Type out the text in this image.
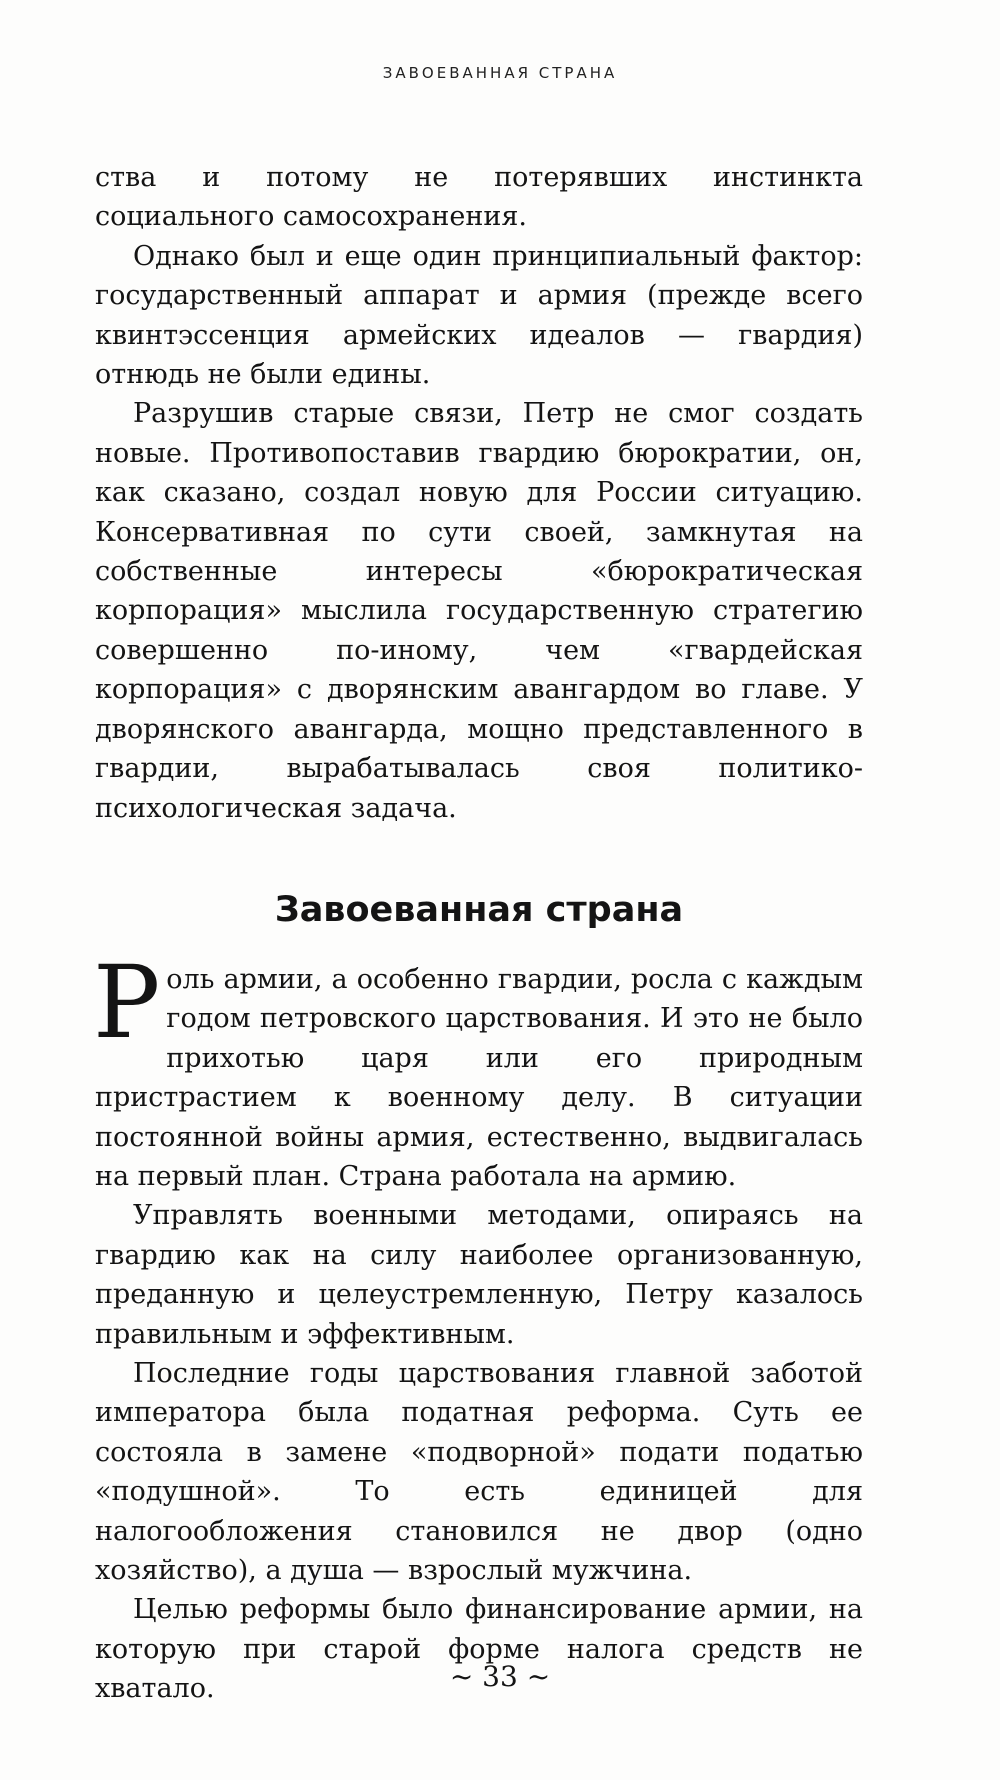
ЗАВОЕВАННАЯ СТРАНА

ства и потому не потерявших инстинкта социального самосохранения.

Однако был и еще один принципиальный фактор: государственный аппарат и армия (прежде всего квинтэссенция армейских идеалов — гвардия) отнюдь не были едины.

Разрушив старые связи, Петр не смог создать новые. Противопоставив гвардию бюрократии, он, как сказано, создал новую для России ситуацию. Консервативная по сути своей, замкнутая на собственные интересы «бюрократическая корпорация» мыслила государственную стратегию совершенно по-иному, чем «гвардейская корпорация» с дворянским авангардом во главе. У дворянского авангарда, мощно представленного в гвардии, вырабатывалась своя политико-психологическая задача.

Завоеванная страна

Роль армии, а особенно гвардии, росла с каждым годом петровского царствования. И это не было прихотью царя или его природным пристрастием к военному делу. В ситуации постоянной войны армия, естественно, выдвигалась на первый план. Страна работала на армию.

Управлять военными методами, опираясь на гвардию как на силу наиболее организованную, преданную и целеустремленную, Петру казалось правильным и эффективным.

Последние годы царствования главной заботой императора была податная реформа. Суть ее состояла в замене «подворной» подати податью «подушной». То есть единицей для налогообложения становился не двор (одно хозяйство), а душа — взрослый мужчина.

Целью реформы было финансирование армии, на которую при старой форме налога средств не хватало.	~ 33 ~
